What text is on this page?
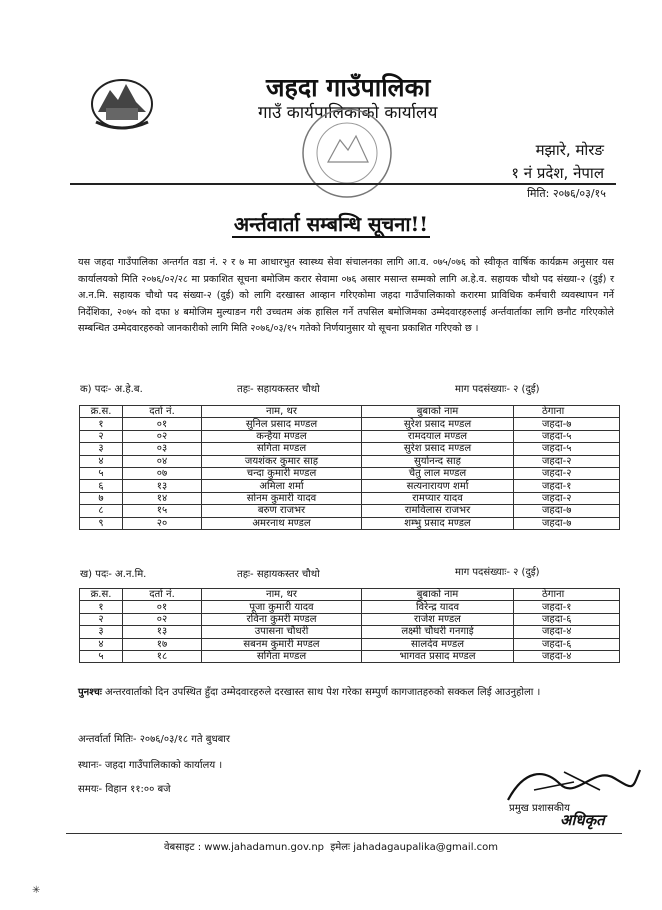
जहदा गाउँपालिका
गाउँ कार्यपालिकाको कार्यालय
मझारे, मोरङ
१ नं प्रदेश, नेपाल
मिति: २०७६/०३/१५
अर्न्तवार्ता सम्बन्धि सूचना!!
यस जहदा गाउँपालिका अन्तर्गत वडा नं. २ र ७ मा आधारभुत स्वास्थ्य सेवा संचालनका लागि आ.व. ०७५/०७६ को स्वीकृत वार्षिक कार्यक्रम अनुसार यस कार्यालयको मिति २०७६/०२/२८ मा प्रकाशित सूचना बमोजिम करार सेवामा ०७६ असार मसान्त सम्मको लागि अ.हे.व. सहायक चौथो पद संख्या-२ (दुई) र अ.न.मि. सहायक चौथो पद संख्या-२ (दुई) को लागि दरखास्त आव्हान गरिएकोमा जहदा गाउँपालिकाको करारमा प्राविधिक कर्मचारी व्यवस्थापन गर्ने निर्देशिका, २०७५ को दफा ४ बमोजिम मुल्याङन गरी उच्चतम अंक हासिल गर्ने तपसिल बमोजिमका उम्मेदवारहरुलाई अर्न्तवार्ताका लागि छनौट गरिएकोले सम्बन्धित उम्मेदवारहरुको जानकारीको लागि मिति २०७६/०३/१५ गतेको निर्णयानुसार यो सूचना प्रकाशित गरिएको छ ।
क) पदः- अ.हे.ब.	तहः- सहायकस्तर चौथो	माग पदसंख्याः- २ (दुई)
क्र.स.	दर्ता नं.	नाम, थर	बुबाको नाम	ठेगाना
१	०१	सुनिल प्रसाद मण्डल	सुरेश प्रसाद मण्डल	जहदा-७
२	०२	कन्हैया मण्डल	रामदयाल मण्डल	जहदा-५
३	०३	सगिता मण्डल	सुरेश प्रसाद मण्डल	जहदा-५
४	०४	जयशंकर कुमार साह	सुर्यानन्द साह	जहदा-२
५	०७	चन्दा कुमारी मण्डल	चैतु लाल मण्डल	जहदा-२
६	१३	अमिला शर्मा	सत्यनारायण शर्मा	जहदा-१
७	१४	सोनम कुमारी यादव	रामप्यार यादव	जहदा-२
८	१५	बरुण राजभर	रामविलास राजभर	जहदा-७
९	२०	अमरनाथ मण्डल	शम्भु प्रसाद मण्डल	जहदा-७
ख) पदः- अ.न.मि.	तहः- सहायकस्तर चौथो	माग पदसंख्याः- २ (दुई)
क्र.स.	दर्ता नं.	नाम, थर	बुबाको नाम	ठेगाना
१	०१	पूजा कुमारी यादव	विरेन्द्र यादव	जहदा-१
२	०२	रविना कुमरी मण्डल	राजेश मण्डल	जहदा-६
३	१३	उपासना चौधरी	लक्ष्मी चौधरी गनगाई	जहदा-४
४	१७	सबनम कुमारी मण्डल	सालदेव मण्डल	जहदा-६
५	१८	सगिता मण्डल	भागवत प्रसाद मण्डल	जहदा-४
पुनश्चः अन्तरवार्ताको दिन उपस्थित हुँदा उम्मेदवारहरुले दरखास्त साथ पेश गरेका सम्पुर्ण कागजातहरुको सक्कल लिई आउनुहोला ।
अन्तर्वार्ता मितिः- २०७६/०३/१८ गते बुधबार
स्थानः- जहदा गाउँपालिकाको कार्यालय ।
समयः- विहान ११:०० बजे
प्रमुख प्रशासकीय
अधिकृत
वेबसाइट : www.jahadamun.gov.np इमेलः jahadagaupalika@gmail.com
✳
